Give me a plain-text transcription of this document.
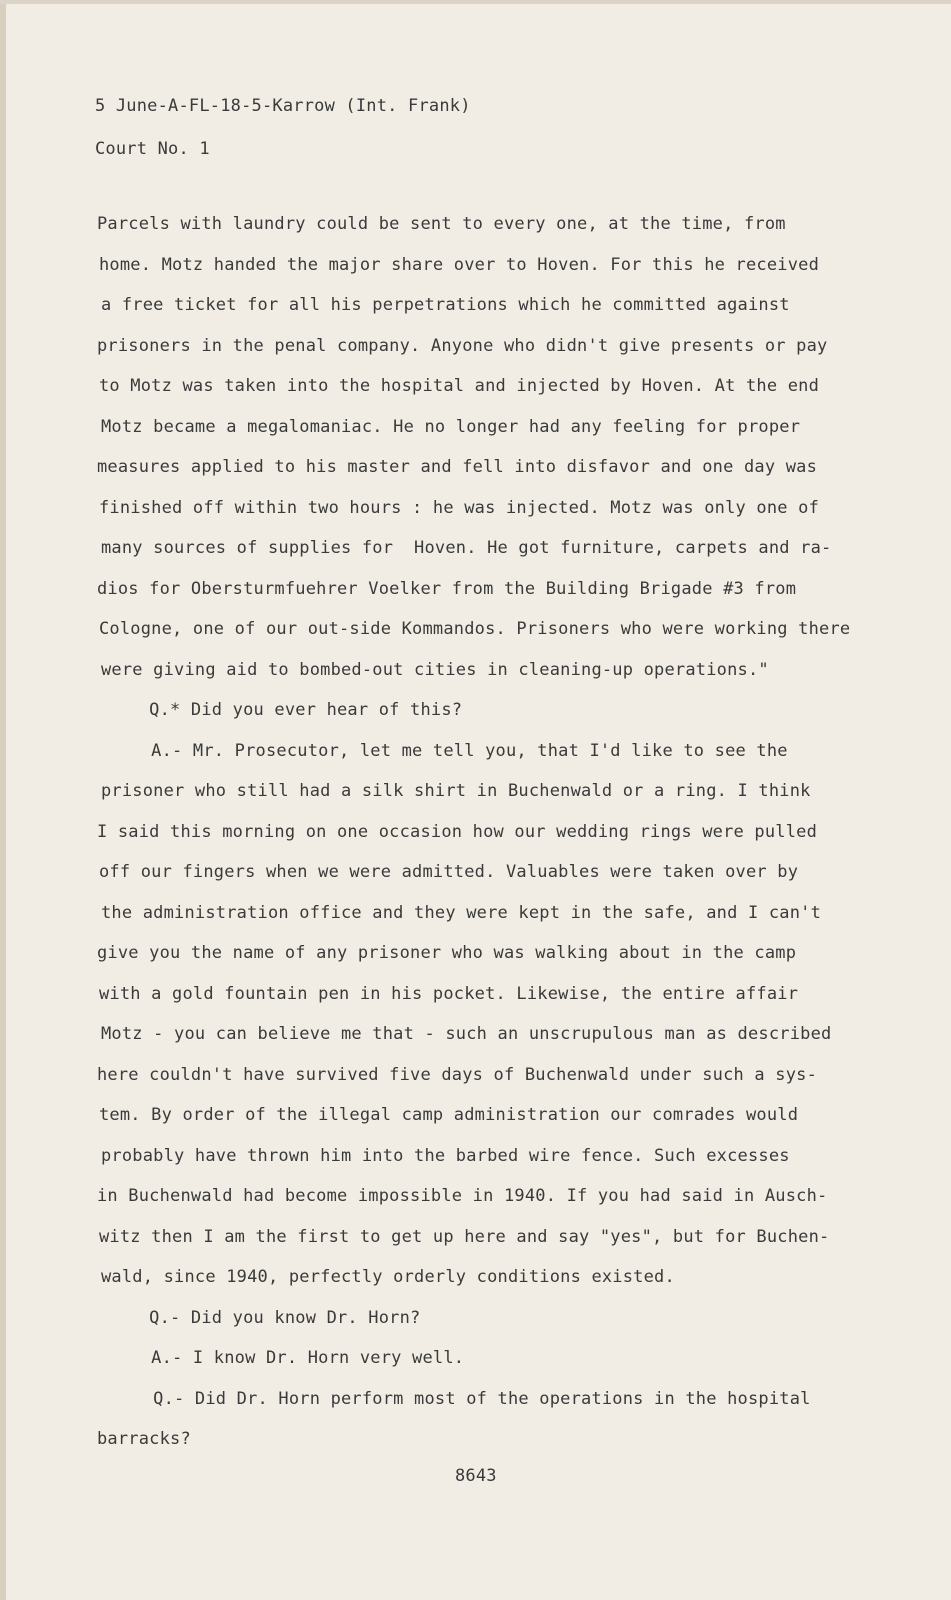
5 June-A-FL-18-5-Karrow (Int. Frank)

Court No. 1

Parcels with laundry could be sent to every one, at the time, from

home. Motz handed the major share over to Hoven. For this he received

a free ticket for all his perpetrations which he committed against

prisoners in the penal company. Anyone who didn't give presents or pay

to Motz was taken into the hospital and injected by Hoven. At the end

Motz became a megalomaniac. He no longer had any feeling for proper

measures applied to his master and fell into disfavor and one day was

finished off within two hours : he was injected. Motz was only one of

many sources of supplies for  Hoven. He got furniture, carpets and ra-

dios for Obersturmfuehrer Voelker from the Building Brigade #3 from

Cologne, one of our out-side Kommandos. Prisoners who were working there

were giving aid to bombed-out cities in cleaning-up operations."

Q.* Did you ever hear of this?

A.- Mr. Prosecutor, let me tell you, that I'd like to see the

prisoner who still had a silk shirt in Buchenwald or a ring. I think

I said this morning on one occasion how our wedding rings were pulled

off our fingers when we were admitted. Valuables were taken over by

the administration office and they were kept in the safe, and I can't

give you the name of any prisoner who was walking about in the camp

with a gold fountain pen in his pocket. Likewise, the entire affair

Motz - you can believe me that - such an unscrupulous man as described

here couldn't have survived five days of Buchenwald under such a sys-

tem. By order of the illegal camp administration our comrades would

probably have thrown him into the barbed wire fence. Such excesses

in Buchenwald had become impossible in 1940. If you had said in Ausch-

witz then I am the first to get up here and say "yes", but for Buchen-

wald, since 1940, perfectly orderly conditions existed.

Q.- Did you know Dr. Horn?

A.- I know Dr. Horn very well.

Q.- Did Dr. Horn perform most of the operations in the hospital

barracks?

8643
